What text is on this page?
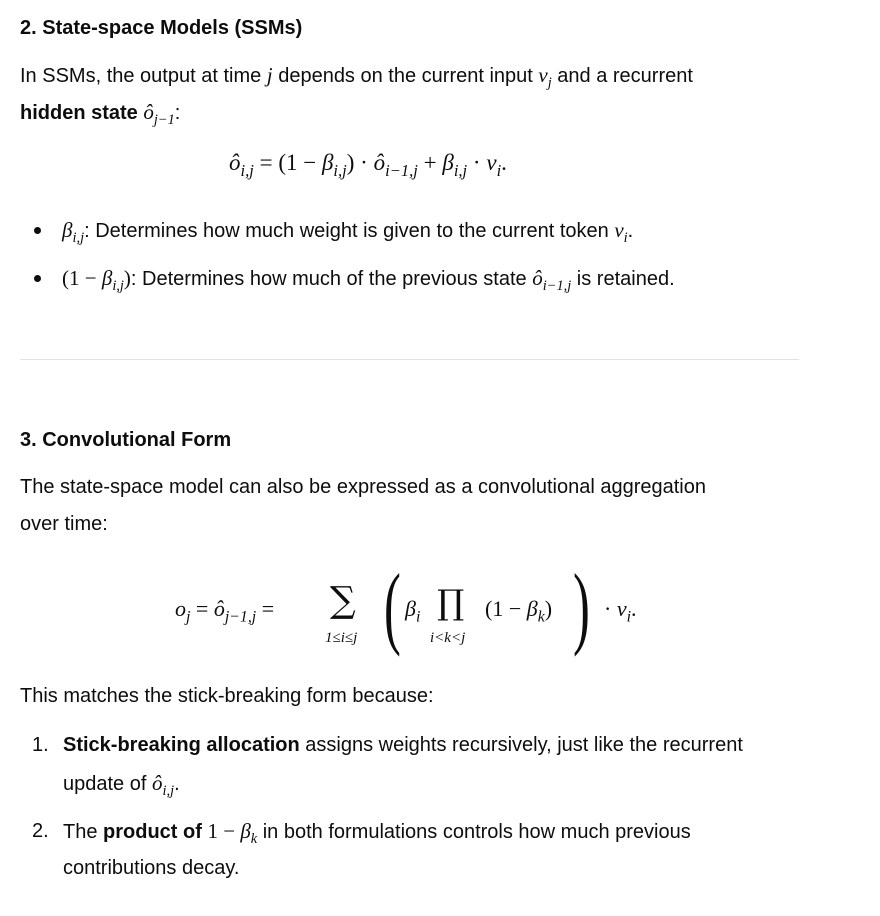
2. State-space Models (SSMs)
In SSMs, the output at time j depends on the current input $v_j$ and a recurrent
hidden state $ô_{j-1}$:
$ô_{i,j} = (1 - \beta_{i,j})$ · $ô_{i-1,j} + \beta_{i,j} \cdot v_i$.
$\beta_{i,j}$: Determines how much weight is given to the current token $v_i$.
$(1 - \beta_{i,j})$: Determines how much of the previous state $ô_{i-1,j}$ is retained.
3. Convolutional Form
The state-space model can also be expressed as a convolutional aggregation
over time:
$o_j$ = $ô_{j-1,j}$ = ∑
1≤i≤j ( $\beta_i$ ∏
i<k<j
$(1 - \beta_k)$ ) · $v_i$.
This matches the stick-breaking form because:
1. Stick-breaking allocation assigns weights recursively, just like the recurrent
update of $ô_{i,j}$.
2. The product of $1 - \beta_k$ in both formulations controls how much previous
contributions decay.
